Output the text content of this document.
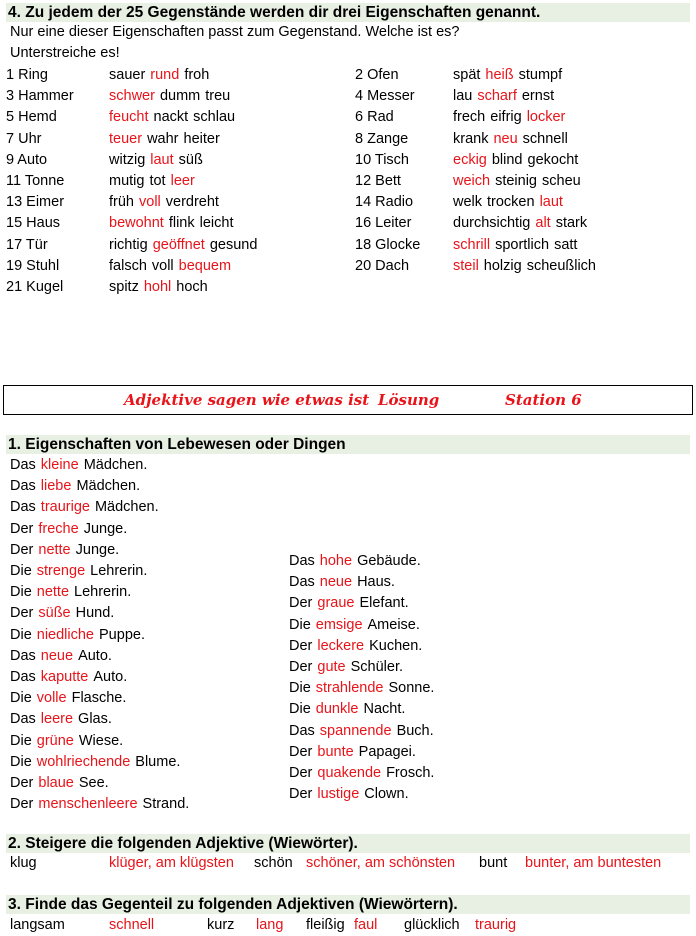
4. Zu jedem der 25 Gegenstände werden dir drei Eigenschaften genannt.
Nur eine dieser Eigenschaften passt zum Gegenstand. Welche ist es?
Unterstreiche es!
1 Ring	sauer rund froh
3 Hammer schwer dumm treu
5 Hemd	feucht nackt schlau
7 Uhr	teuer wahr heiter
9 Auto	witzig laut süß
11 Tonne	mutig tot leer
13 Eimer	früh voll verdreht
15 Haus	bewohnt flink leicht
17 Tür	richtig geöffnet gesund
19 Stuhl	falsch voll bequem
21 Kugel	spitz hohl hoch
2 Ofen	spät heiß stumpf
4 Messer	lau scharf ernst
6 Rad	frech eifrig locker
8 Zange	krank neu schnell
10 Tisch	eckig blind gekocht
12 Bett	weich steinig scheu
14 Radio	welk trocken laut
16 Leiter	durchsichtig alt stark
18 Glocke schrill sportlich satt
20 Dach	steil holzig scheußlich
Adjektive sagen wie etwas ist Lösung	Station 6
1. Eigenschaften von Lebewesen oder Dingen
Das kleine Mädchen.
Das liebe Mädchen.
Das traurige Mädchen.
Der freche Junge.
Der nette Junge.
Die strenge Lehrerin.
Die nette Lehrerin.
Der süße Hund.
Die niedliche Puppe.
Das neue Auto.
Das kaputte Auto.
Die volle Flasche.
Das leere Glas.
Die grüne Wiese.
Die wohlriechende Blume.
Der blaue See.
Der menschenleere Strand.
Das hohe Gebäude.
Das neue Haus.
Der graue Elefant.
Die emsige Ameise.
Der leckere Kuchen.
Der gute Schüler.
Die strahlende Sonne.
Die dunkle Nacht.
Das spannende Buch.
Der bunte Papagei.
Der quakende Frosch.
Der lustige Clown.
2. Steigere die folgenden Adjektive (Wiewörter).
klug	klüger, am klügsten schön schöner, am schönsten bunt bunter, am buntesten
3. Finde das Gegenteil zu folgenden Adjektiven (Wiewörtern).
langsam	schnell	kurz lang fleißig faul glücklich traurig
